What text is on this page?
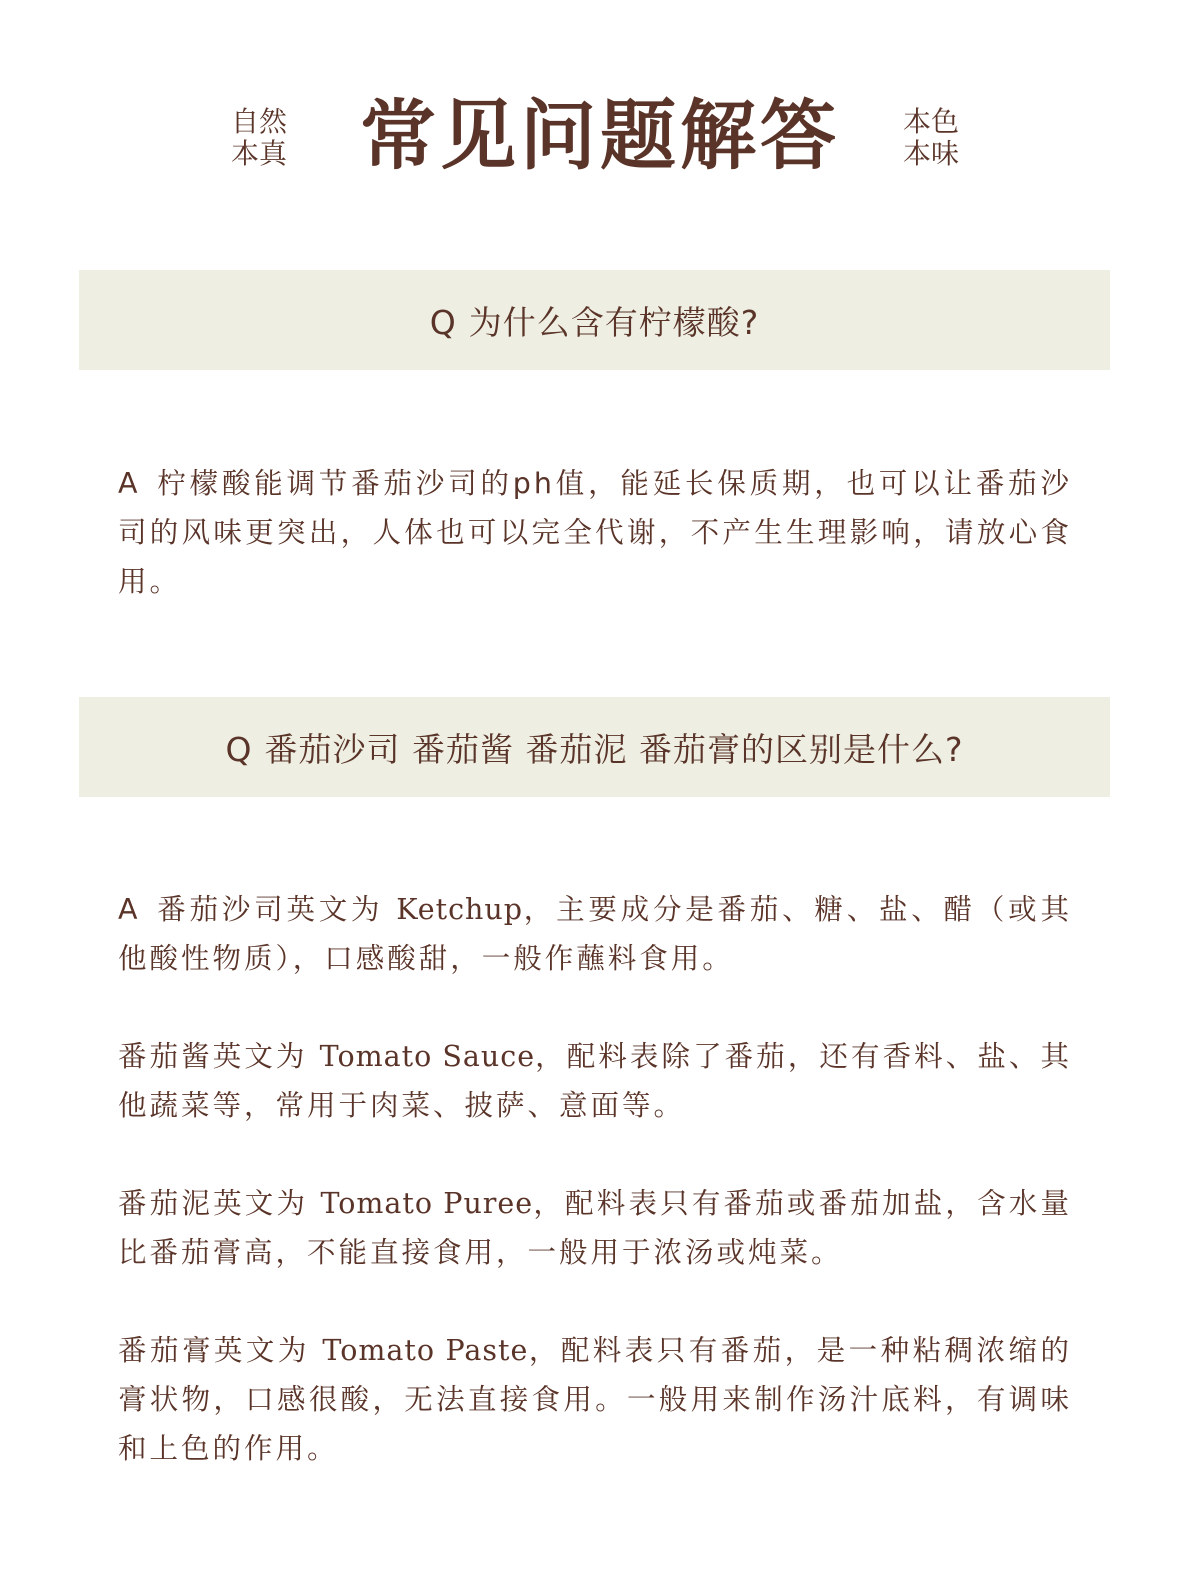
自然
本真 常见问题解答	本色
本味
Q 为什么含有柠檬酸?

A 柠檬酸能调节番茄沙司的ph值，能延长保质期，也可以让番茄沙司的风味更突出，人体也可以完全代谢，不产生生理影响，请放心食用。

Q 番茄沙司 番茄酱 番茄泥 番茄膏的区别是什么?

A 番茄沙司英文为 Ketchup，主要成分是番茄、糖、盐、醋（或其他酸性物质），口感酸甜，一般作蘸料食用。

番茄酱英文为 Tomato Sauce，配料表除了番茄，还有香料、盐、其他蔬菜等，常用于肉菜、披萨、意面等。

番茄泥英文为 Tomato Puree，配料表只有番茄或番茄加盐，含水量比番茄膏高，不能直接食用，一般用于浓汤或炖菜。

番茄膏英文为 Tomato Paste，配料表只有番茄，是一种粘稠浓缩的膏状物，口感很酸，无法直接食用。一般用来制作汤汁底料，有调味和上色的作用。
